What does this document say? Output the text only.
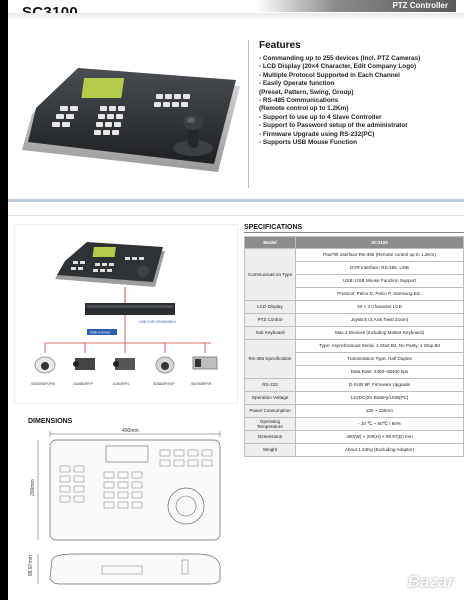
PTZ Controller
Features
- Commanding up to 255 devices (Incl. PTZ Cameras)
- LCD Display (20×4 Character, Edit Company Logo)
- Multiple Protocol Supported in Each Channel
- Easily Operate function
(Preset, Pattern, Swing, Group)
- RS-485 Communications
(Remote control up to 1.2Km)
- Support to use up to 4 Slave Controller
- Support to Password setup of the administrator
- Firmware Upgrade using RS-232(PC)
- Supports USB Mouse Function
USB DVR HD3/4848DV
USB Connect
SS2809DP/2PM	GA4982RP/P	A1502RP/L	SD8328P/SVP	SM7505RP/R
SPECIFICATIONS
Model	SC3100
Communicati on Type	Pan/Tilt interface:RS-485 (Remote control up to 1.2Km)
	DVR interface: RS-485, USB
	USB: USB Mouse Function Support
	Protocol: Pelco D, Pelco P, Samsung Etc.
LCD Display	20 × 4 Character LCD
PTZ Control	Joystick (3 Axis Twist Zoom)
Sub Keyboard	Max.4 Devices (Including Master Keyboard)
RS-485 Specification	Type: Asynchronous Serial, 1 Start Bit, No Parity, 1 Stop Bit
	Transmission Type: Half Duplex
	Data Rate: 2400~38400 bps
RS-232	D-SUB 9P, Firmware Upgrade
Operation Voltage	12VDC(9V Battery/USB(PC)
Power Consumption	120 ~ 150mA
Operating Temperature	- 10 ℃ ~ 50℃ / 60%
Dimensions	400(W) × 200(H) × 99.97(D) mm
Weight	About 1.24Kg (Excluding Adaptor)
DIMENSIONS
400mm
200mm
99.97mm
Bazar
